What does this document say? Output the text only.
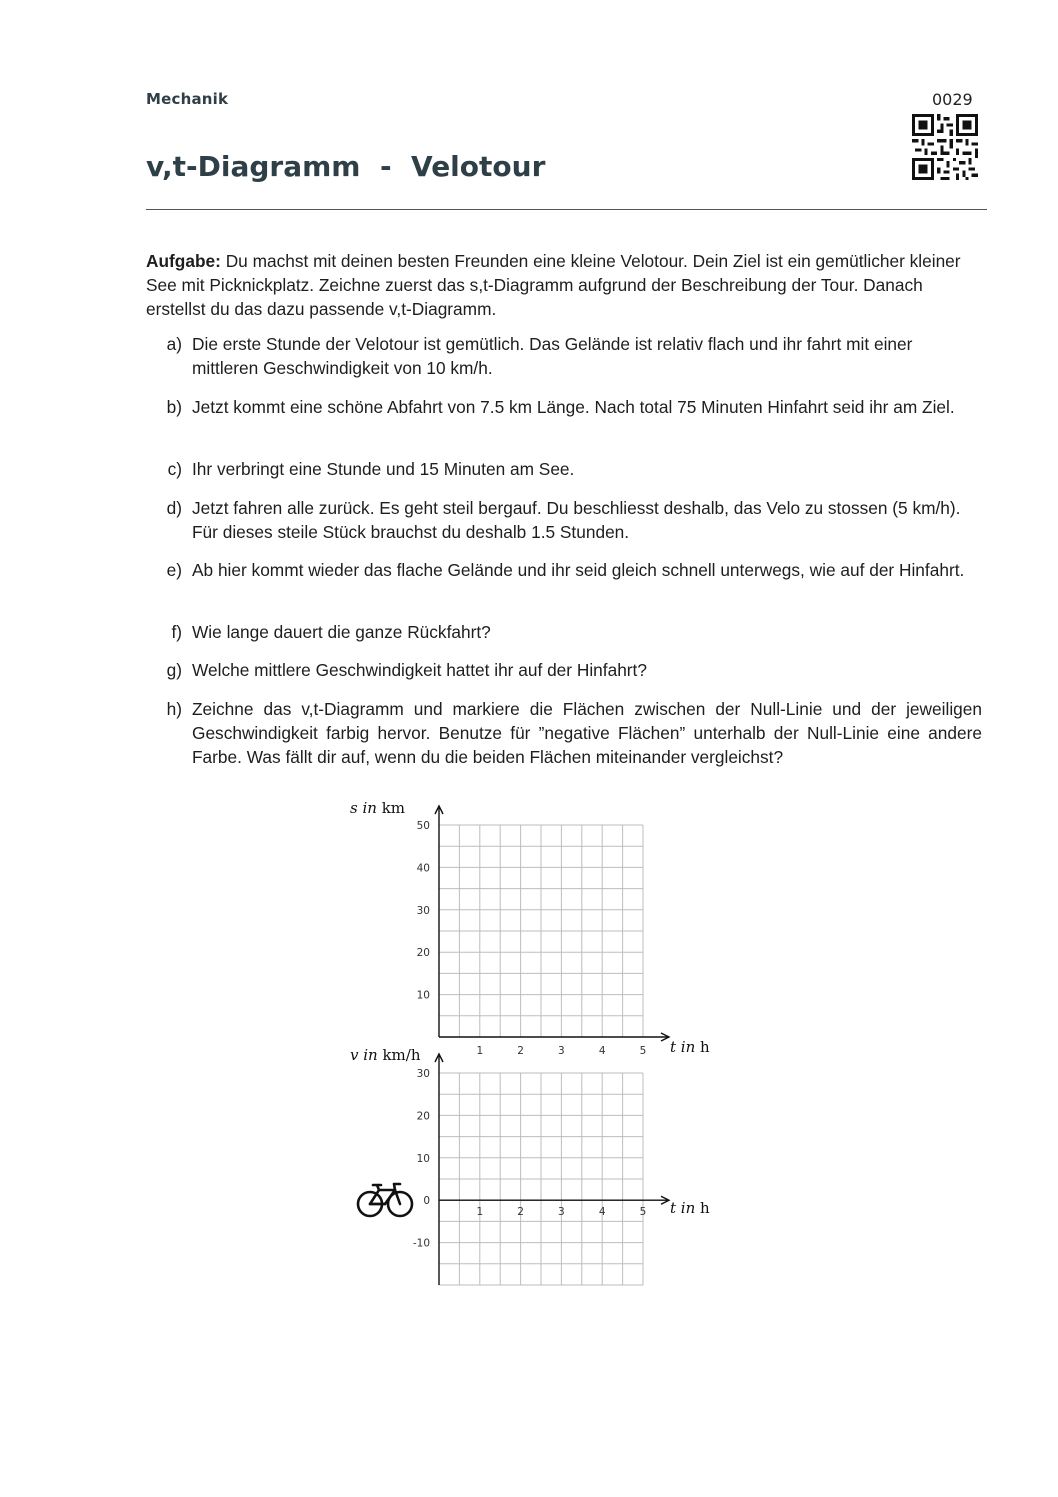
Mechanik	0029
v,t-Diagramm  -  Velotour
Aufgabe: Du machst mit deinen besten Freunden eine kleine Velotour. Dein Ziel ist ein gemütlicher kleiner See mit Picknickplatz. Zeichne zuerst das s,t-Diagramm aufgrund der Beschreibung der Tour. Danach erstellst du das dazu passende v,t-Diagramm.
a) Die erste Stunde der Velotour ist gemütlich. Das Gelände ist relativ flach und ihr fahrt mit einer mittleren Geschwindigkeit von 10 km/h.
b) Jetzt kommt eine schöne Abfahrt von 7.5 km Länge. Nach total 75 Minuten Hinfahrt seid ihr am Ziel.
c) Ihr verbringt eine Stunde und 15 Minuten am See.
d) Jetzt fahren alle zurück. Es geht steil bergauf. Du beschliesst deshalb, das Velo zu stossen (5 km/h). Für dieses steile Stück brauchst du deshalb 1.5 Stunden.
e) Ab hier kommt wieder das flache Gelände und ihr seid gleich schnell unterwegs, wie auf der Hinfahrt.
f) Wie lange dauert die ganze Rückfahrt?
g) Welche mittlere Geschwindigkeit hattet ihr auf der Hinfahrt?
h) Zeichne das v,t-Diagramm und markiere die Flächen zwischen der Null-Linie und der jeweiligen Geschwindigkeit farbig hervor. Benutze für ”negative Flächen” unterhalb der Null-Linie eine andere Farbe. Was fällt dir auf, wenn du die beiden Flächen miteinander vergleichst?
10
20
30
40
50
1	2	3	4	5
s in km
t in h
-10
0
10
20
30
1	2	3	4	5
v in km/h
t in h
